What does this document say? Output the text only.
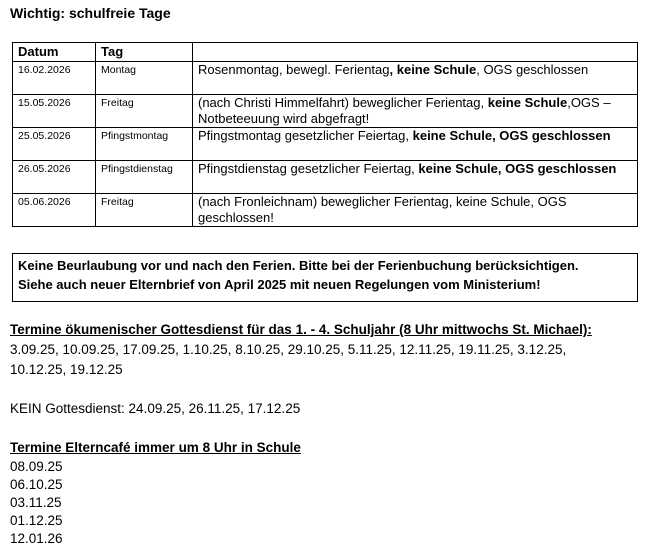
Wichtig: schulfreie Tage
Datum	Tag	
16.02.2026	Montag	Rosenmontag, bewegl. Ferientag, keine Schule, OGS geschlossen
15.05.2026	Freitag	(nach Christi Himmelfahrt) beweglicher Ferientag, keine Schule,OGS – Notbeteeuung wird abgefragt!
25.05.2026	Pfingstmontag	Pfingstmontag gesetzlicher Feiertag, keine Schule, OGS geschlossen
26.05.2026	Pfingstdienstag	Pfingstdienstag gesetzlicher Feiertag, keine Schule, OGS geschlossen
05.06.2026	Freitag	(nach Fronleichnam) beweglicher Ferientag, keine Schule, OGS geschlossen!
Keine Beurlaubung vor und nach den Ferien. Bitte bei der Ferienbuchung berücksichtigen.
Siehe auch neuer Elternbrief von April 2025 mit neuen Regelungen vom Ministerium!
Termine ökumenischer Gottesdienst für das 1. - 4. Schuljahr (8 Uhr mittwochs St. Michael):
3.09.25, 10.09.25, 17.09.25, 1.10.25, 8.10.25, 29.10.25, 5.11.25, 12.11.25, 19.11.25, 3.12.25,
10.12.25, 19.12.25
KEIN Gottesdienst: 24.09.25, 26.11.25, 17.12.25
Termine Elterncafé immer um 8 Uhr in Schule
08.09.25
06.10.25
03.11.25
01.12.25
12.01.26
